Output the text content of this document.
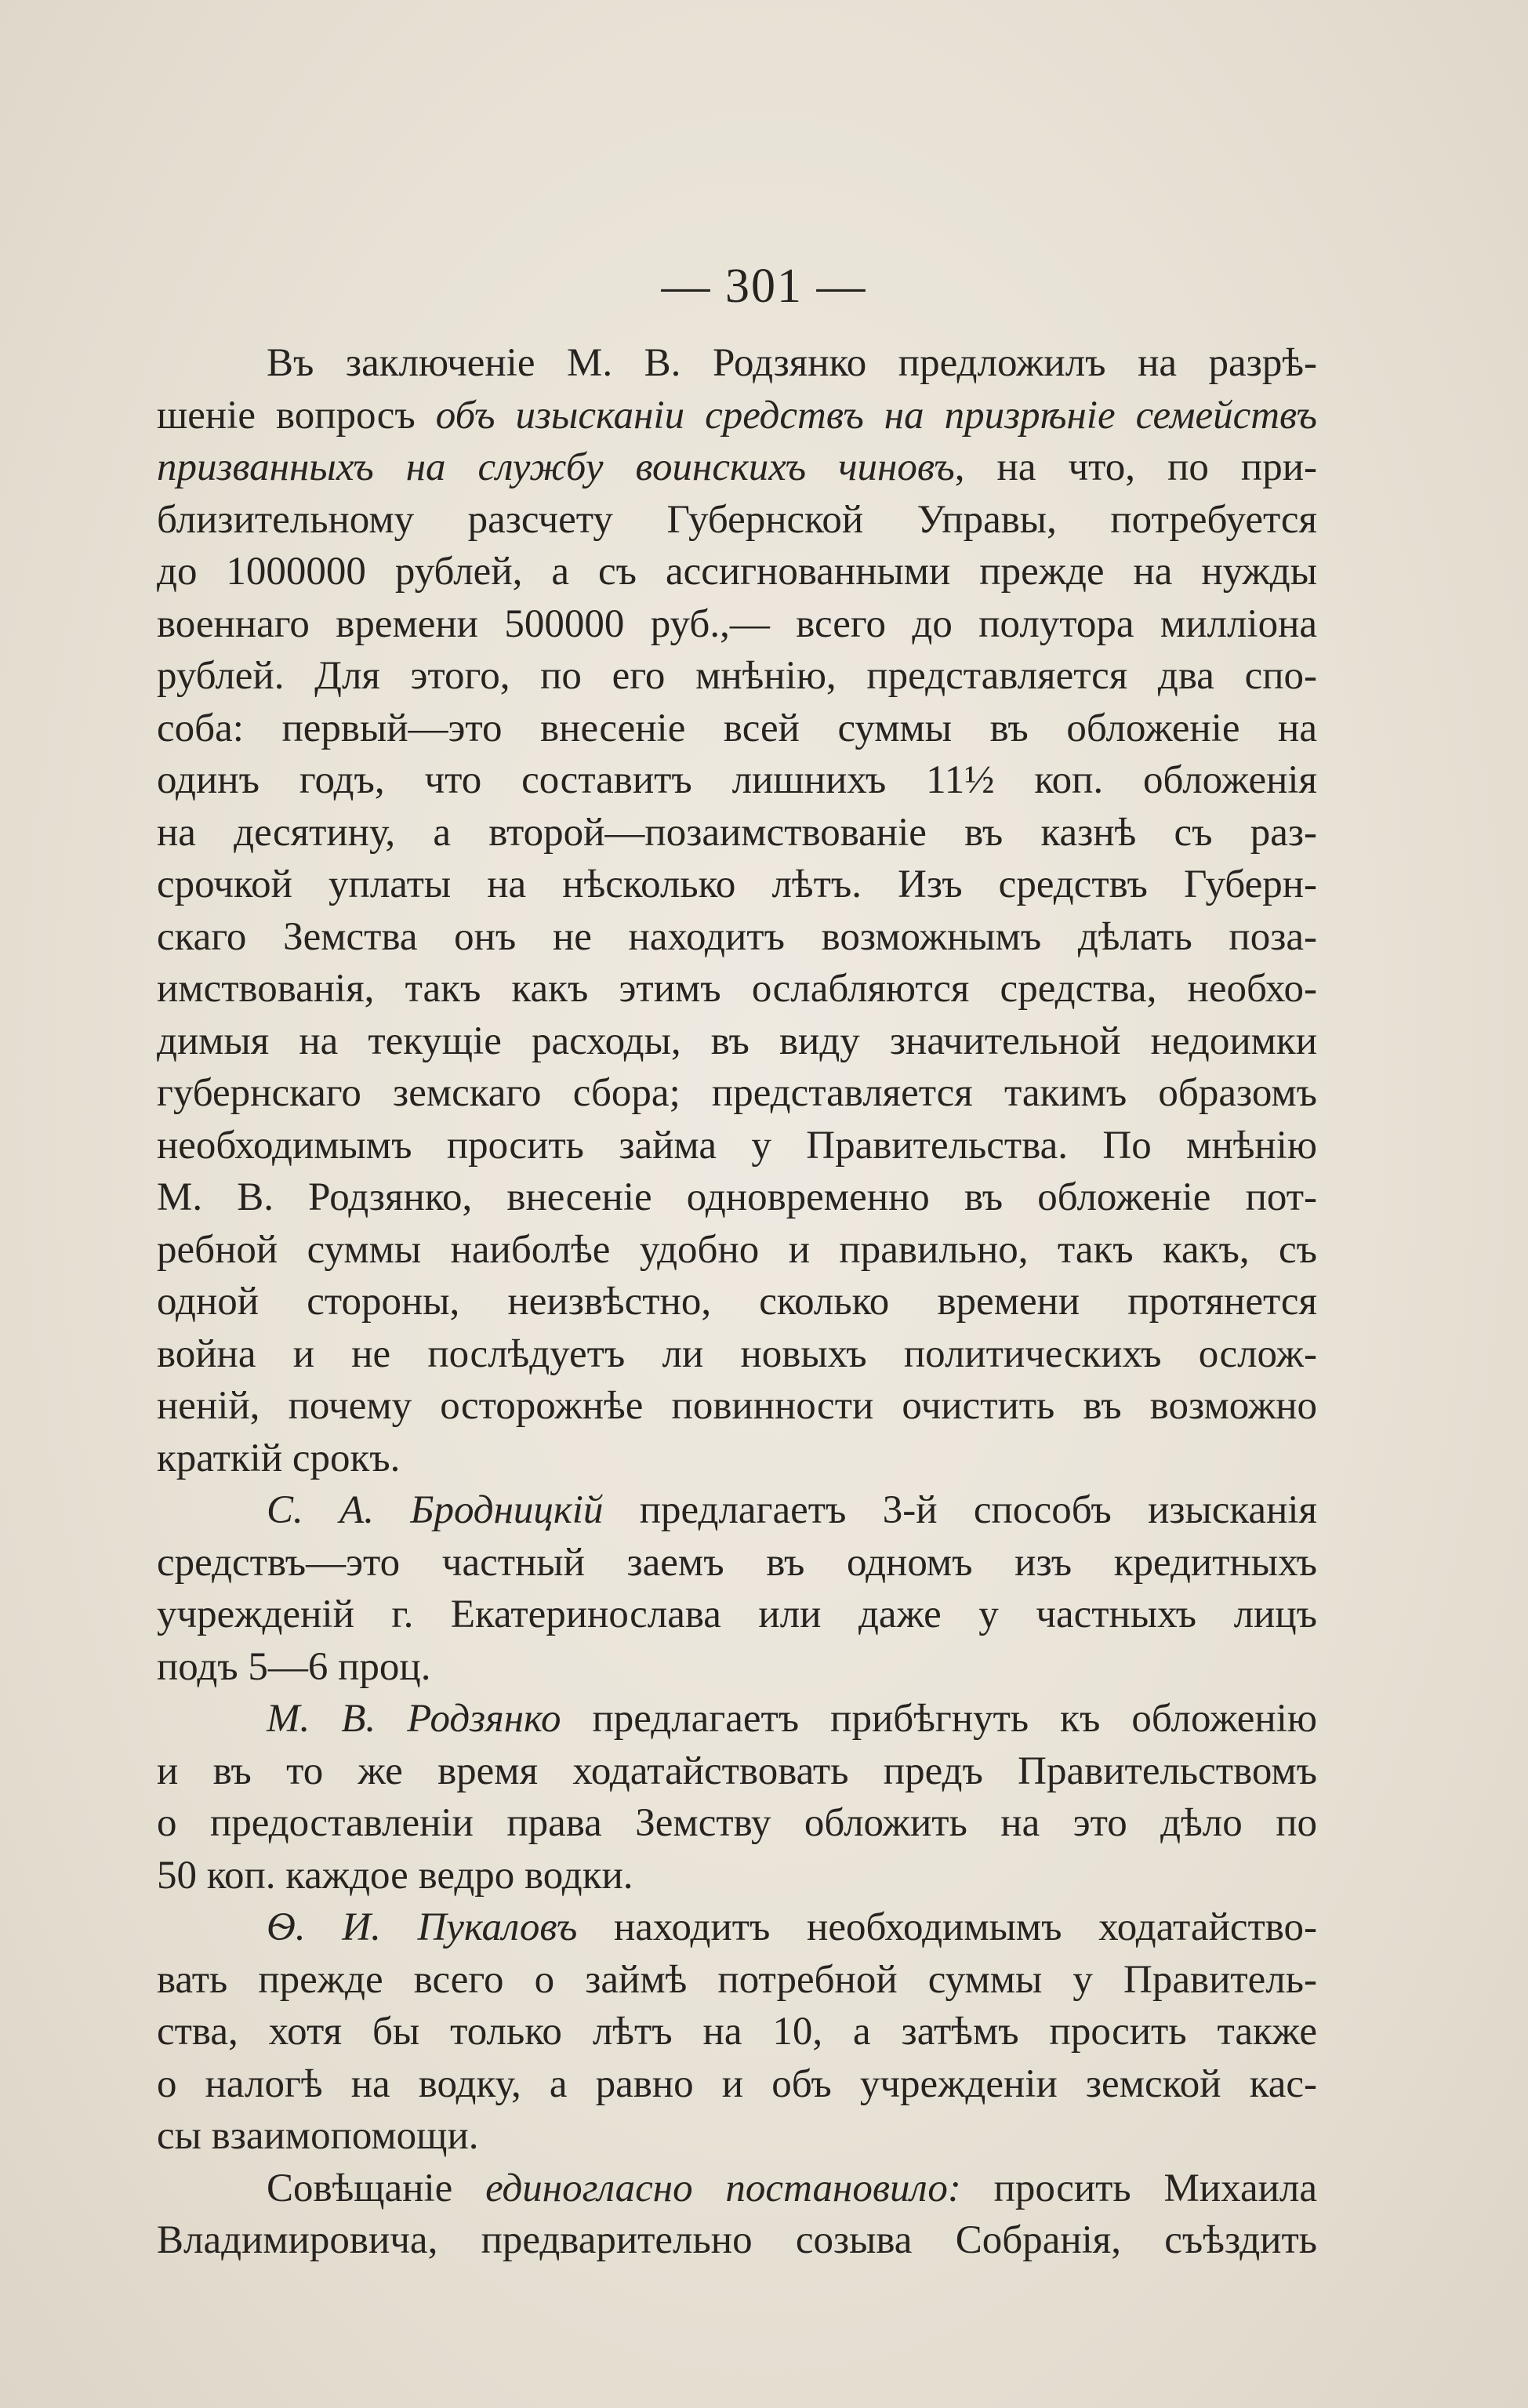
— 301 —
Въ заключенiе М. В. Родзянко предложилъ на разрѣ-
шенiе вопросъ объ изысканiи средствъ на призрѣнiе семействъ
призванныхъ на службу воинскихъ чиновъ, на что, по при-
близительному разсчету Губернской Управы, потребуется
до 1000000 рублей, а съ ассигнованными прежде на нужды
военнаго времени 500000 руб.,— всего до полутора миллiона
рублей. Для этого, по его мнѣнiю, представляется два спо-
соба: первый—это внесенiе всей суммы въ обложенiе на
одинъ годъ, что составитъ лишнихъ 11½ коп. обложенiя
на десятину, а второй—позаимствованiе въ казнѣ съ раз-
срочкой уплаты на нѣсколько лѣтъ. Изъ средствъ Губерн-
скаго Земства онъ не находитъ возможнымъ дѣлать поза-
имствованiя, такъ какъ этимъ ослабляются средства, необхо-
димыя на текущiе расходы, въ виду значительной недоимки
губернскаго земскаго сбора; представляется такимъ образомъ
необходимымъ просить займа у Правительства. По мнѣнiю
М. В. Родзянко, внесенiе одновременно въ обложенiе пот-
ребной суммы наиболѣе удобно и правильно, такъ какъ, съ
одной стороны, неизвѣстно, сколько времени протянется
война и не послѣдуетъ ли новыхъ политическихъ ослож-
ненiй, почему осторожнѣе повинности очистить въ возможно
краткiй срокъ.
С. А. Бродницкiй предлагаетъ 3-й способъ изысканiя
средствъ—это частный заемъ въ одномъ изъ кредитныхъ
учрежденiй г. Екатеринослава или даже у частныхъ лицъ
подъ 5—6 проц.
М. В. Родзянко предлагаетъ прибѣгнуть къ обложенiю
и въ то же время ходатайствовать предъ Правительствомъ
о предоставленiи права Земству обложить на это дѣло по
50 коп. каждое ведро водки.
Ѳ. И. Пукаловъ находитъ необходимымъ ходатайство-
вать прежде всего о займѣ потребной суммы у Правитель-
ства, хотя бы только лѣтъ на 10, а затѣмъ просить также
о налогѣ на водку, а равно и объ учрежденiи земской кас-
сы взаимопомощи.
Совѣщанiе единогласно постановило: просить Михаила
Владимировича, предварительно созыва Собранiя, съѣздить
